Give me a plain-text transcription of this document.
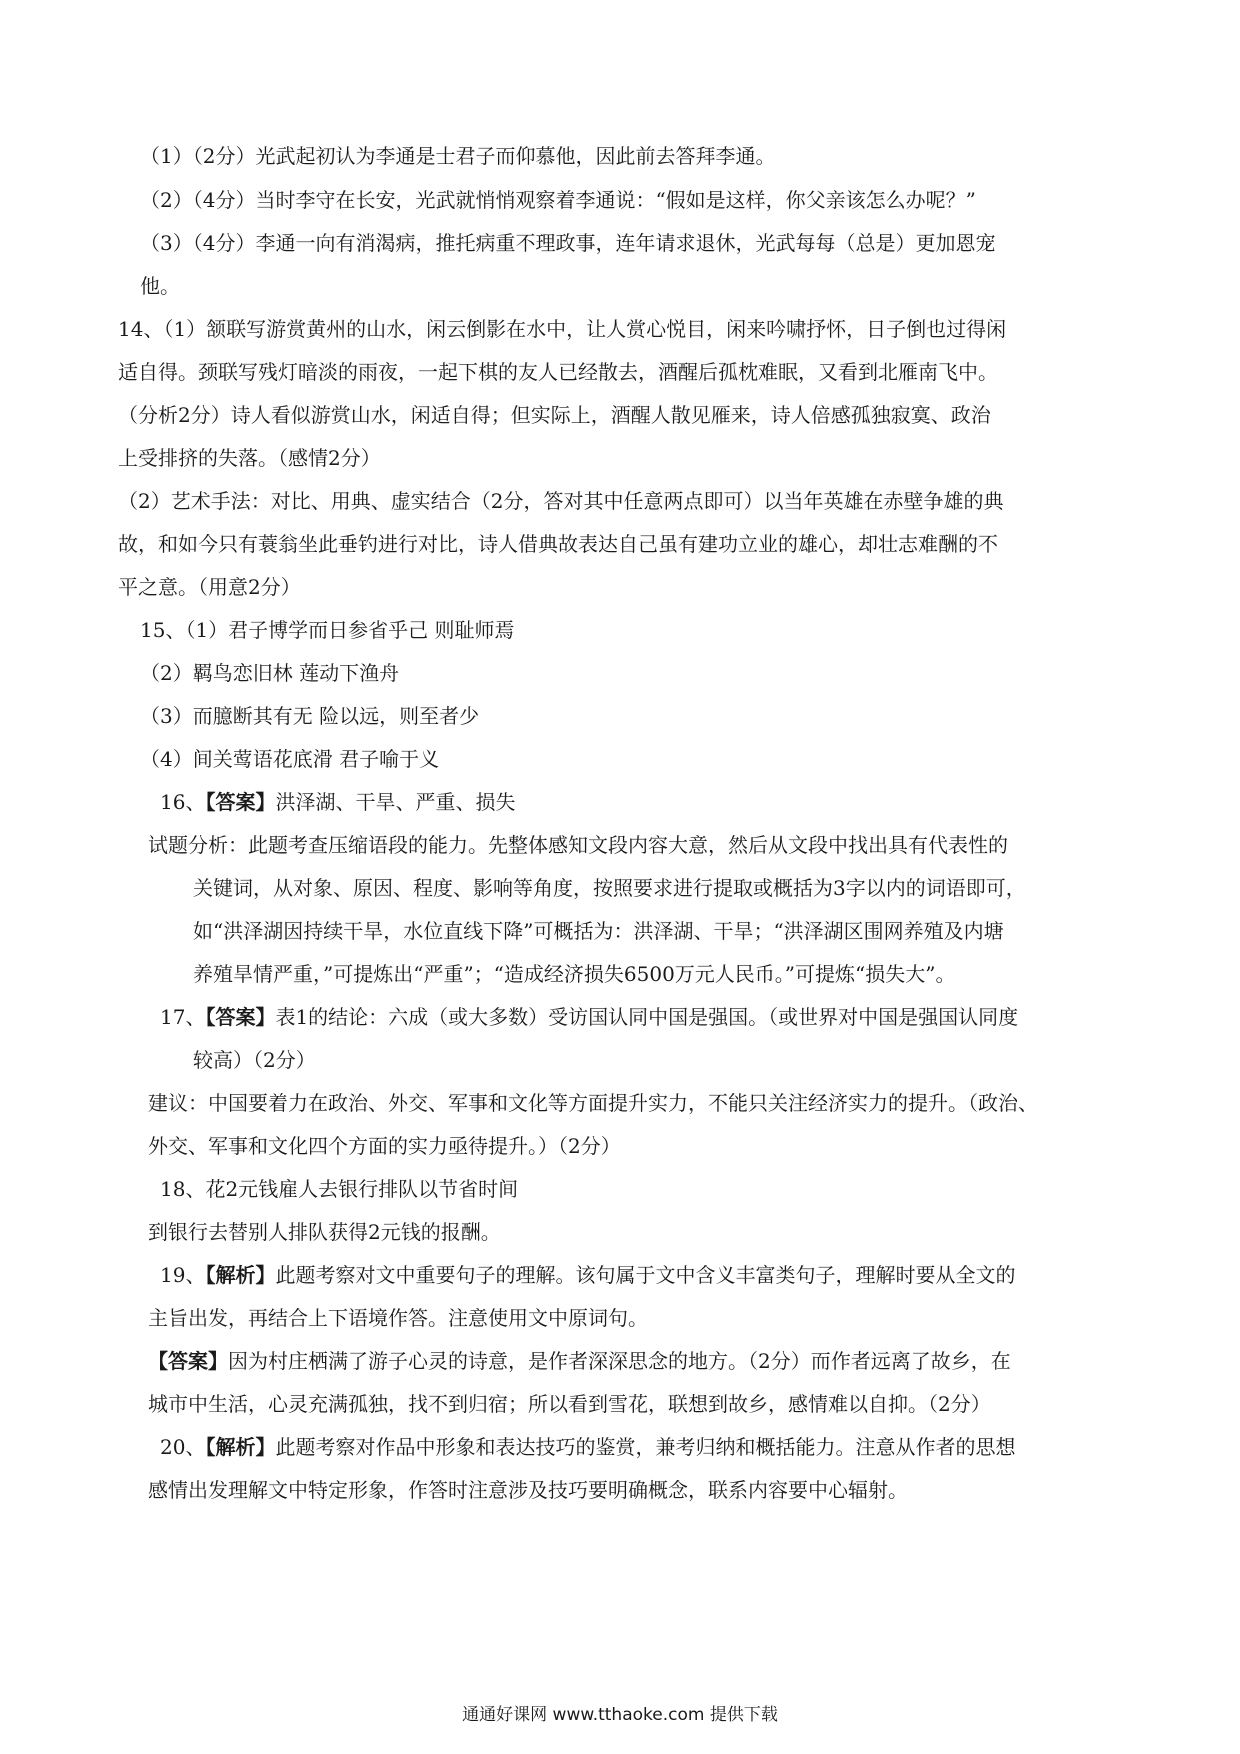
（1）（2分）光武起初认为李通是士君子而仰慕他，因此前去答拜李通。
（2）（4分）当时李守在长安，光武就悄悄观察着李通说：“假如是这样，你父亲该怎么办呢？”
（3）（4分）李通一向有消渴病，推托病重不理政事，连年请求退休，光武每每（总是）更加恩宠
他。
14、（1）颔联写游赏黄州的山水，闲云倒影在水中，让人赏心悦目，闲来吟啸抒怀，日子倒也过得闲
适自得。颈联写残灯暗淡的雨夜，一起下棋的友人已经散去，酒醒后孤枕难眠，又看到北雁南飞中。
（分析2分）诗人看似游赏山水，闲适自得；但实际上，酒醒人散见雁来，诗人倍感孤独寂寞、政治
上受排挤的失落。（感情2分）
（2）艺术手法：对比、用典、虚实结合（2分，答对其中任意两点即可）以当年英雄在赤壁争雄的典
故，和如今只有蓑翁坐此垂钓进行对比，诗人借典故表达自己虽有建功立业的雄心，却壮志难酬的不
平之意。（用意2分）
15、（1）君子博学而日参省乎己 则耻师焉
（2）羁鸟恋旧林 莲动下渔舟
（3）而臆断其有无 险以远，则至者少
（4）间关莺语花底滑 君子喻于义
16、【答案】洪泽湖、干旱、严重、损失
试题分析：此题考查压缩语段的能力。先整体感知文段内容大意，然后从文段中找出具有代表性的
关键词，从对象、原因、程度、影响等角度，按照要求进行提取或概括为3字以内的词语即可，
如“洪泽湖因持续干旱，水位直线下降”可概括为：洪泽湖、干旱；“洪泽湖区围网养殖及内塘
养殖旱情严重，”可提炼出“严重”；“造成经济损失6500万元人民币。”可提炼“损失大”。
17、【答案】表1的结论：六成（或大多数）受访国认同中国是强国。（或世界对中国是强国认同度
较高）（2分）
建议：中国要着力在政治、外交、军事和文化等方面提升实力，不能只关注经济实力的提升。（政治、
外交、军事和文化四个方面的实力亟待提升。）（2分）
18、花2元钱雇人去银行排队以节省时间
到银行去替别人排队获得2元钱的报酬。
19、【解析】此题考察对文中重要句子的理解。该句属于文中含义丰富类句子，理解时要从全文的
主旨出发，再结合上下语境作答。注意使用文中原词句。
【答案】因为村庄栖满了游子心灵的诗意，是作者深深思念的地方。（2分）而作者远离了故乡，在
城市中生活，心灵充满孤独，找不到归宿；所以看到雪花，联想到故乡，感情难以自抑。（2分）
20、【解析】此题考察对作品中形象和表达技巧的鉴赏，兼考归纳和概括能力。注意从作者的思想
感情出发理解文中特定形象，作答时注意涉及技巧要明确概念，联系内容要中心辐射。
通通好课网 www.tthaoke.com 提供下载
